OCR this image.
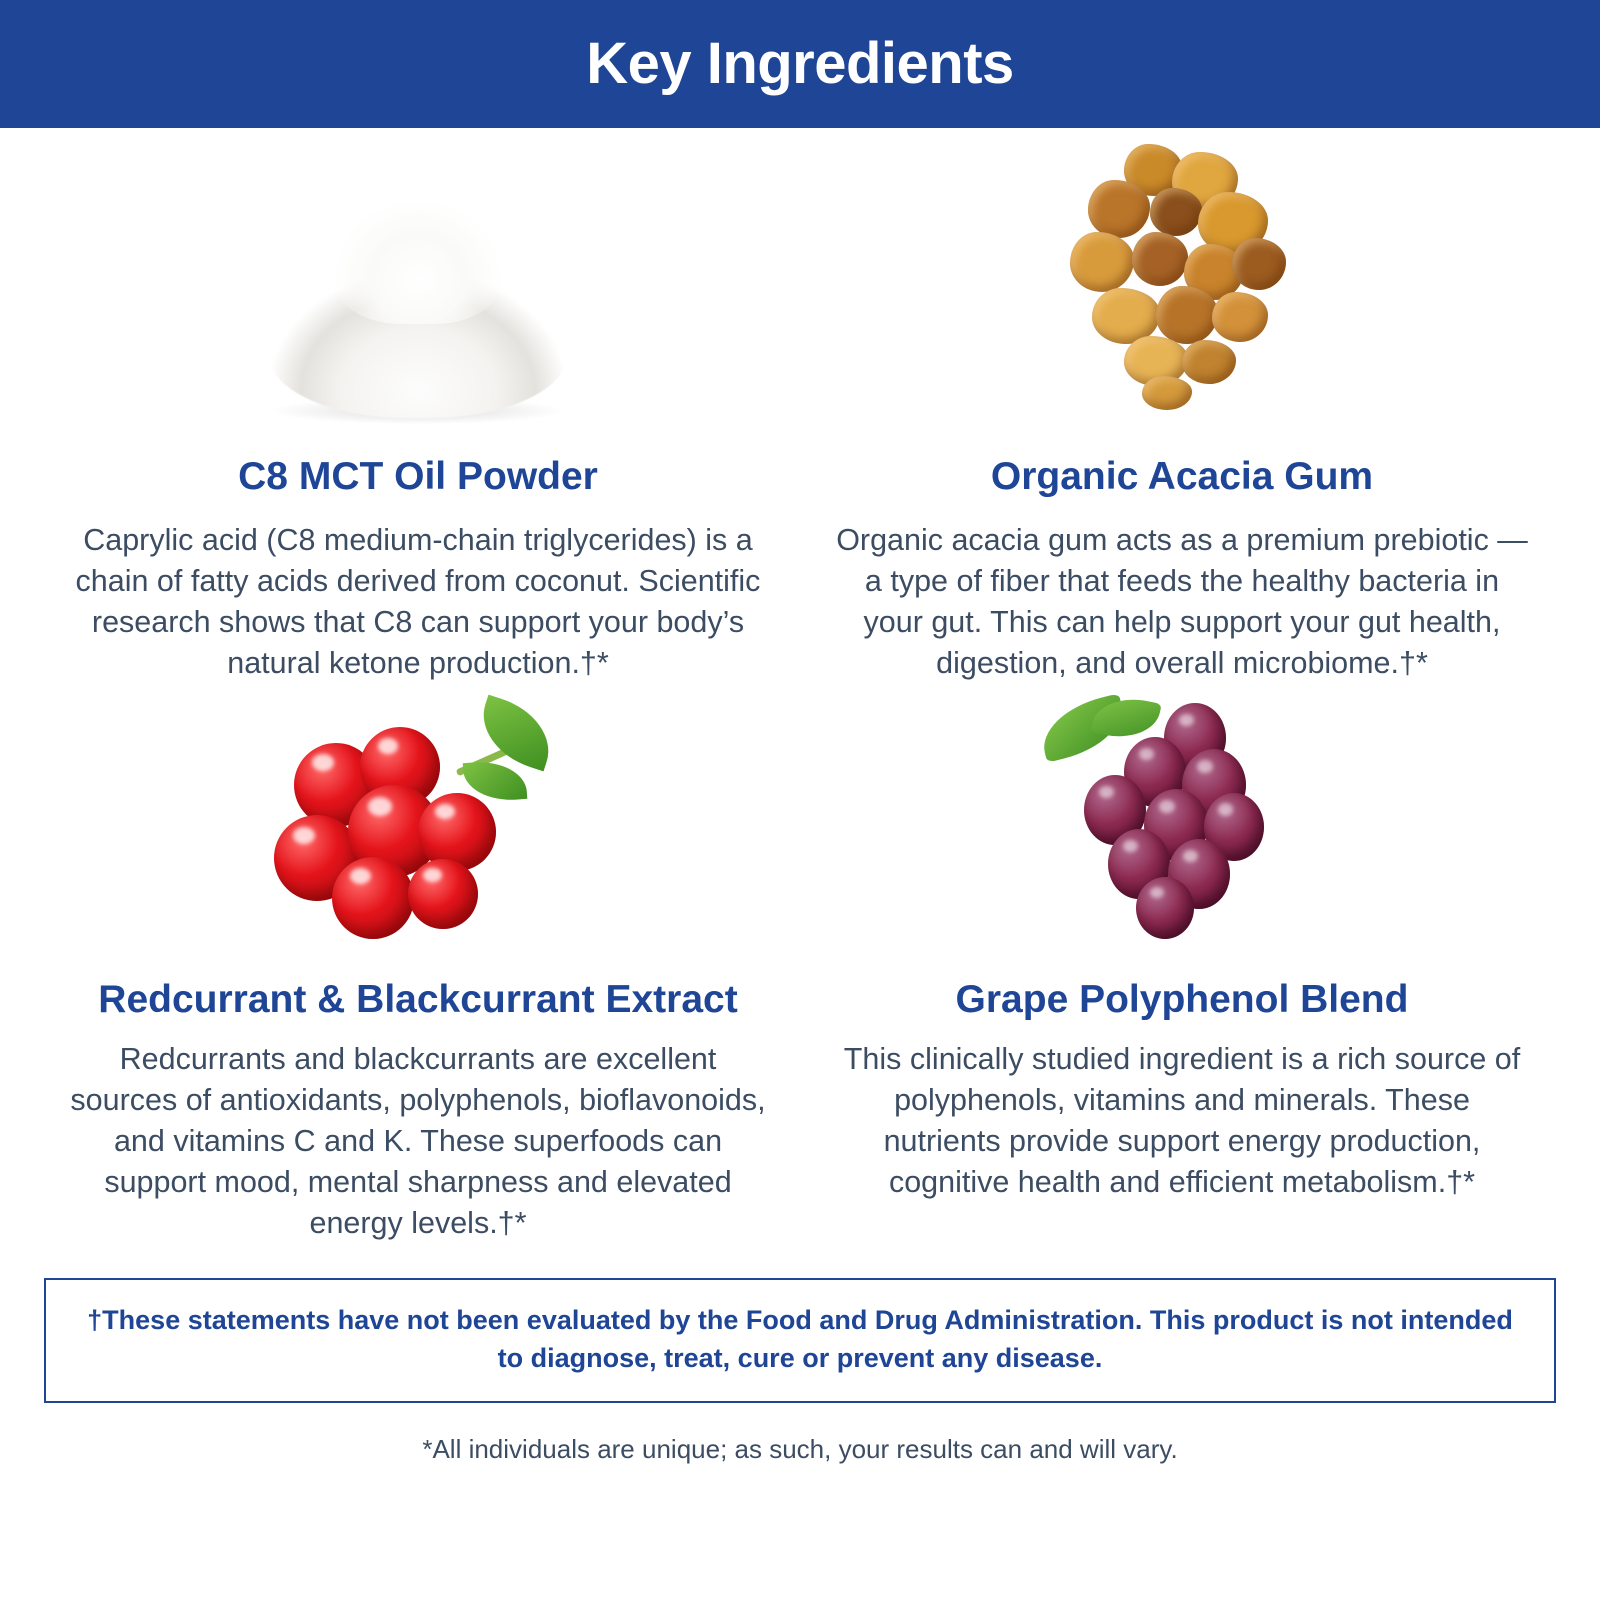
Key Ingredients
C8 MCT Oil Powder

Caprylic acid (C8 medium-chain triglycerides) is a chain of fatty acids derived from coconut. Scientific research shows that C8 can support your body’s natural ketone production.†*

Organic Acacia Gum

Organic acacia gum acts as a premium prebiotic — a type of fiber that feeds the healthy bacteria in your gut. This can help support your gut health, digestion, and overall microbiome.†*

Redcurrant & Blackcurrant Extract

Redcurrants and blackcurrants are excellent sources of antioxidants, polyphenols, bioflavonoids, and vitamins C and K. These superfoods can support mood, mental sharpness and elevated energy levels.†*

Grape Polyphenol Blend

This clinically studied ingredient is a rich source of polyphenols, vitamins and minerals. These nutrients provide support energy production, cognitive health and efficient metabolism.†*

†These statements have not been evaluated by the Food and Drug Administration. This product is not intended to diagnose, treat, cure or prevent any disease.

*All individuals are unique; as such, your results can and will vary.
